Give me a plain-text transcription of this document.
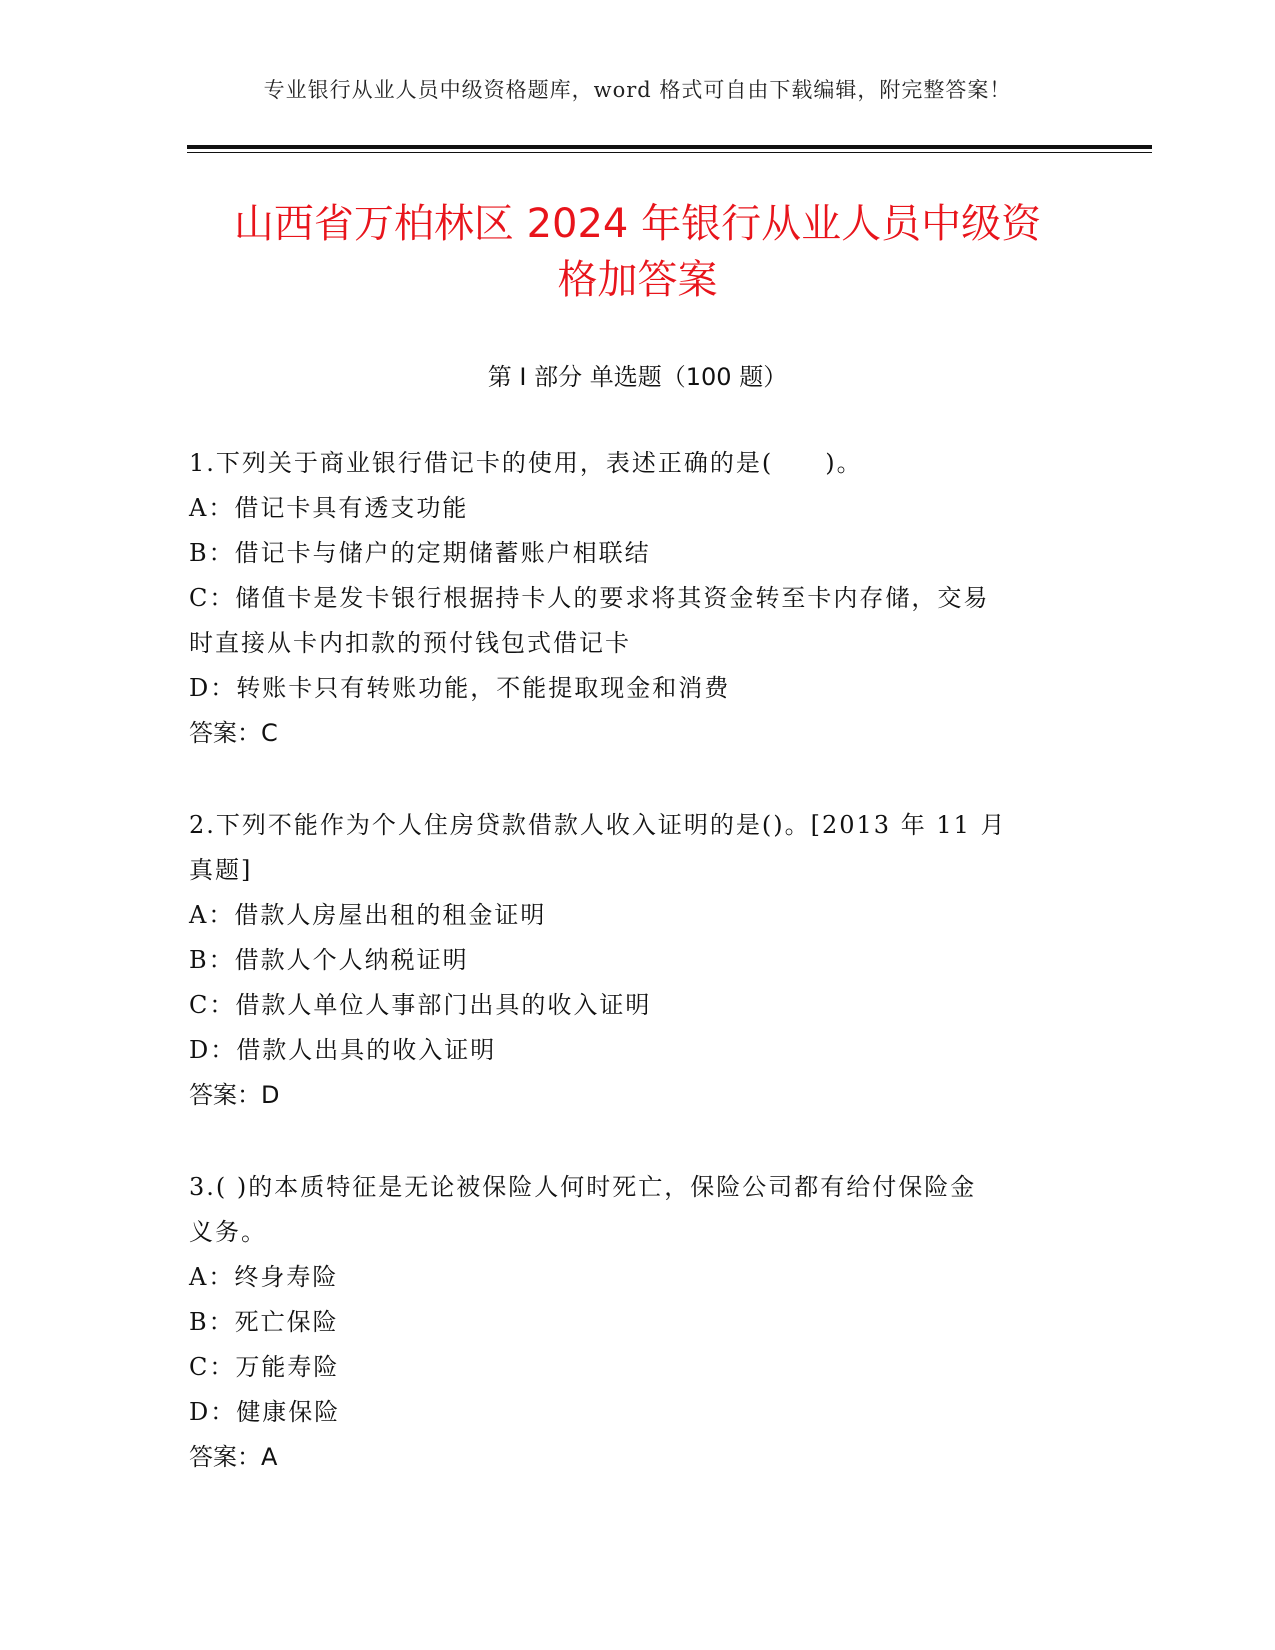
专业银行从业人员中级资格题库，word 格式可自由下载编辑，附完整答案！
山西省万柏林区 2024 年银行从业人员中级资
格加答案
第 I 部分 单选题（100 题）

1.下列关于商业银行借记卡的使用，表述正确的是(　　)。

A：借记卡具有透支功能

B：借记卡与储户的定期储蓄账户相联结

C：储值卡是发卡银行根据持卡人的要求将其资金转至卡内存储，交易

时直接从卡内扣款的预付钱包式借记卡

D：转账卡只有转账功能，不能提取现金和消费

答案：C

2.下列不能作为个人住房贷款借款人收入证明的是()。[2013 年 11 月

真题]

A：借款人房屋出租的租金证明

B：借款人个人纳税证明

C：借款人单位人事部门出具的收入证明

D：借款人出具的收入证明

答案：D

3.( )的本质特征是无论被保险人何时死亡，保险公司都有给付保险金

义务。

A：终身寿险

B：死亡保险

C：万能寿险

D：健康保险

答案：A
